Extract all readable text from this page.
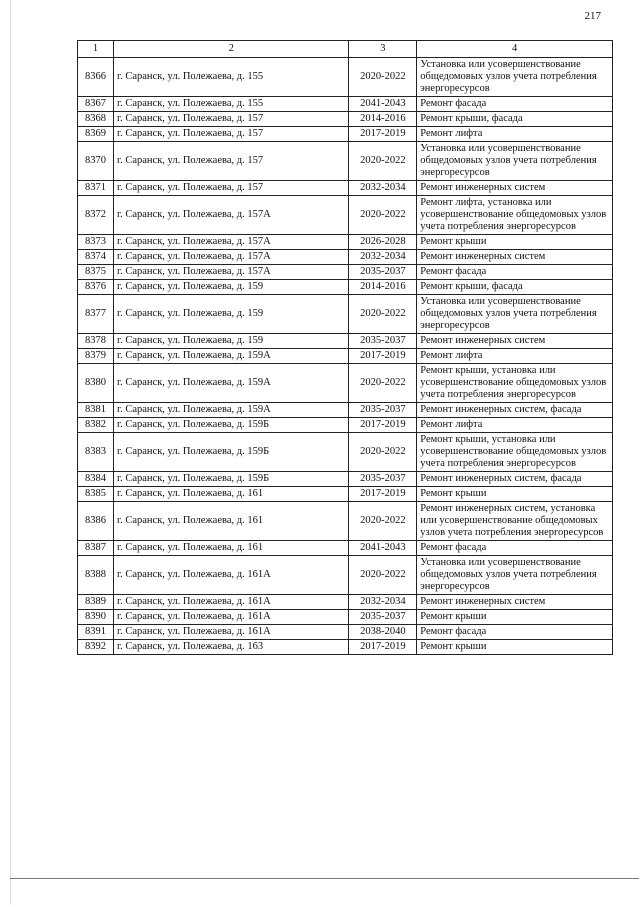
217
1	2	3	4
8366	г. Саранск, ул. Полежаева, д. 155	2020-2022	Установка или усовершенствование общедомовых узлов учета потребления энергоресурсов
8367	г. Саранск, ул. Полежаева, д. 155	2041-2043	Ремонт фасада
8368	г. Саранск, ул. Полежаева, д. 157	2014-2016	Ремонт крыши, фасада
8369	г. Саранск, ул. Полежаева, д. 157	2017-2019	Ремонт лифта
8370	г. Саранск, ул. Полежаева, д. 157	2020-2022	Установка или усовершенствование общедомовых узлов учета потребления энергоресурсов
8371	г. Саранск, ул. Полежаева, д. 157	2032-2034	Ремонт инженерных систем
8372	г. Саранск, ул. Полежаева, д. 157А	2020-2022	Ремонт лифта, установка или усовершенствование общедомовых узлов учета потребления энергоресурсов
8373	г. Саранск, ул. Полежаева, д. 157А	2026-2028	Ремонт крыши
8374	г. Саранск, ул. Полежаева, д. 157А	2032-2034	Ремонт инженерных систем
8375	г. Саранск, ул. Полежаева, д. 157А	2035-2037	Ремонт фасада
8376	г. Саранск, ул. Полежаева, д. 159	2014-2016	Ремонт крыши, фасада
8377	г. Саранск, ул. Полежаева, д. 159	2020-2022	Установка или усовершенствование общедомовых узлов учета потребления энергоресурсов
8378	г. Саранск, ул. Полежаева, д. 159	2035-2037	Ремонт инженерных систем
8379	г. Саранск, ул. Полежаева, д. 159А	2017-2019	Ремонт лифта
8380	г. Саранск, ул. Полежаева, д. 159А	2020-2022	Ремонт крыши, установка или усовершенствование общедомовых узлов учета потребления энергоресурсов
8381	г. Саранск, ул. Полежаева, д. 159А	2035-2037	Ремонт инженерных систем, фасада
8382	г. Саранск, ул. Полежаева, д. 159Б	2017-2019	Ремонт лифта
8383	г. Саранск, ул. Полежаева, д. 159Б	2020-2022	Ремонт крыши, установка или усовершенствование общедомовых узлов учета потребления энергоресурсов
8384	г. Саранск, ул. Полежаева, д. 159Б	2035-2037	Ремонт инженерных систем, фасада
8385	г. Саранск, ул. Полежаева, д. 161	2017-2019	Ремонт крыши
8386	г. Саранск, ул. Полежаева, д. 161	2020-2022	Ремонт инженерных систем, установка или усовершенствование общедомовых узлов учета потребления энергоресурсов
8387	г. Саранск, ул. Полежаева, д. 161	2041-2043	Ремонт фасада
8388	г. Саранск, ул. Полежаева, д. 161А	2020-2022	Установка или усовершенствование общедомовых узлов учета потребления энергоресурсов
8389	г. Саранск, ул. Полежаева, д. 161А	2032-2034	Ремонт инженерных систем
8390	г. Саранск, ул. Полежаева, д. 161А	2035-2037	Ремонт крыши
8391	г. Саранск, ул. Полежаева, д. 161А	2038-2040	Ремонт фасада
8392	г. Саранск, ул. Полежаева, д. 163	2017-2019	Ремонт крыши
